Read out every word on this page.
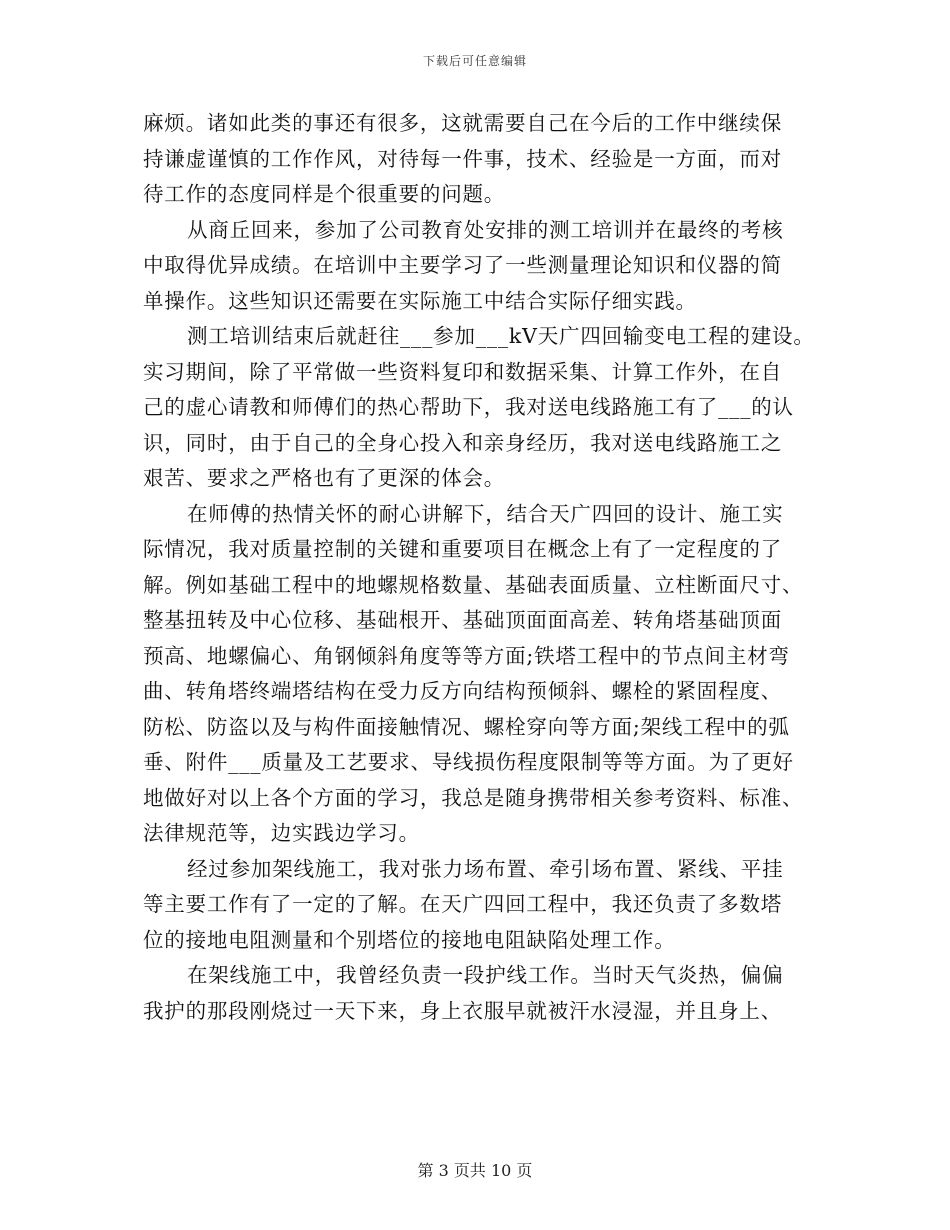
下载后可任意编辑
麻烦。诸如此类的事还有很多，这就需要自己在今后的工作中继续保
持谦虚谨慎的工作作风，对待每一件事，技术、经验是一方面，而对
待工作的态度同样是个很重要的问题。
从商丘回来，参加了公司教育处安排的测工培训并在最终的考核
中取得优异成绩。在培训中主要学习了一些测量理论知识和仪器的简
单操作。这些知识还需要在实际施工中结合实际仔细实践。
测工培训结束后就赶往___参加___kV天广四回输变电工程的建设。
实习期间，除了平常做一些资料复印和数据采集、计算工作外，在自
己的虚心请教和师傅们的热心帮助下，我对送电线路施工有了___的认
识，同时，由于自己的全身心投入和亲身经历，我对送电线路施工之
艰苦、要求之严格也有了更深的体会。
在师傅的热情关怀的耐心讲解下，结合天广四回的设计、施工实
际情况，我对质量控制的关键和重要项目在概念上有了一定程度的了
解。例如基础工程中的地螺规格数量、基础表面质量、立柱断面尺寸、
整基扭转及中心位移、基础根开、基础顶面面高差、转角塔基础顶面
预高、地螺偏心、角钢倾斜角度等等方面;铁塔工程中的节点间主材弯
曲、转角塔终端塔结构在受力反方向结构预倾斜、螺栓的紧固程度、
防松、防盗以及与构件面接触情况、螺栓穿向等方面;架线工程中的弧
垂、附件___质量及工艺要求、导线损伤程度限制等等方面。为了更好
地做好对以上各个方面的学习，我总是随身携带相关参考资料、标准、
法律规范等，边实践边学习。
经过参加架线施工，我对张力场布置、牵引场布置、紧线、平挂
等主要工作有了一定的了解。在天广四回工程中，我还负责了多数塔
位的接地电阻测量和个别塔位的接地电阻缺陷处理工作。
在架线施工中，我曾经负责一段护线工作。当时天气炎热，偏偏
我护的那段刚烧过一天下来，身上衣服早就被汗水浸湿，并且身上、
第 3 页共 10 页
